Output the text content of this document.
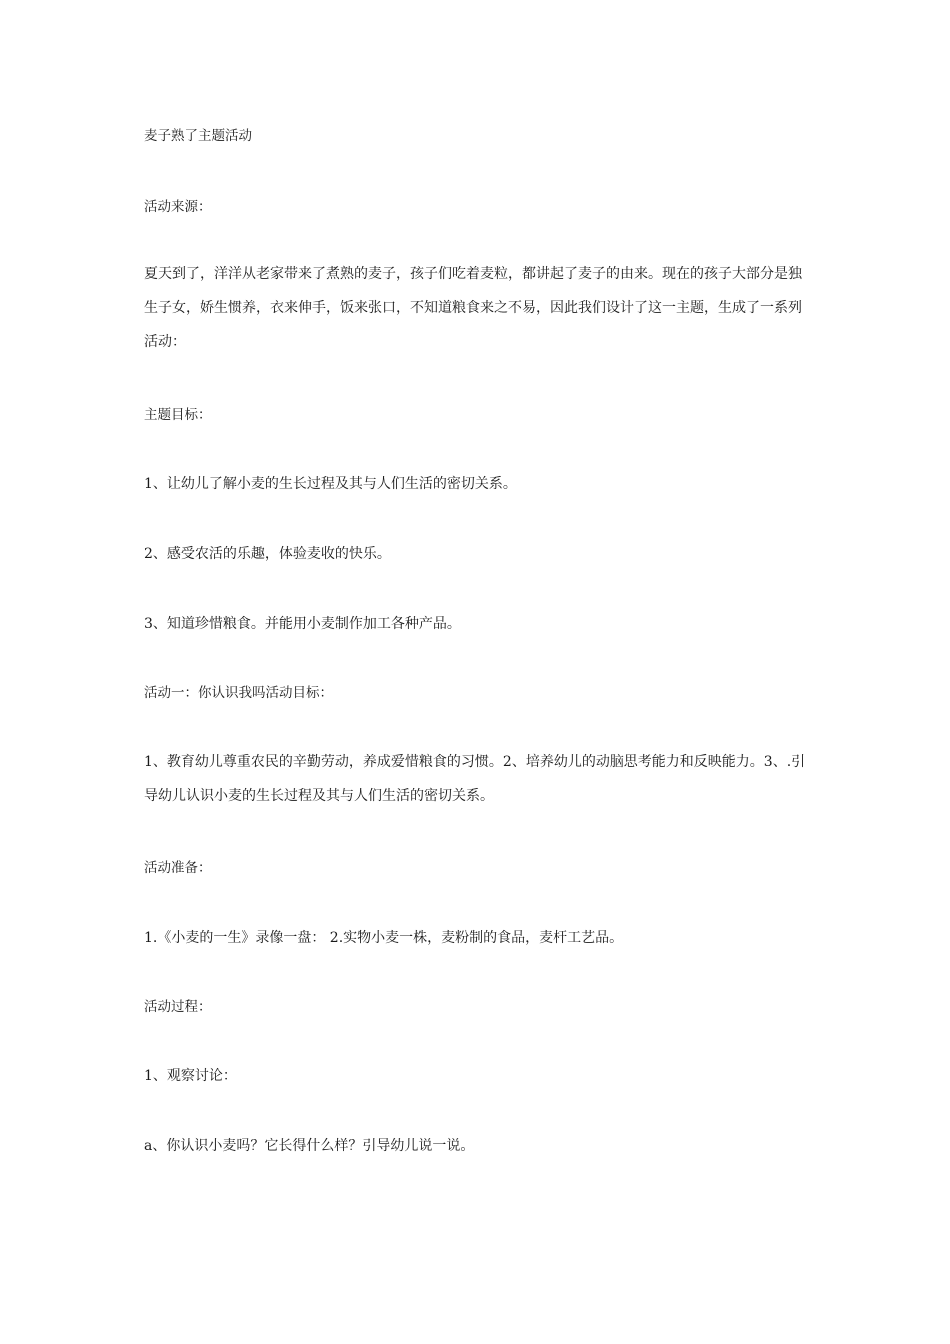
麦子熟了主题活动

活动来源：

夏天到了，洋洋从老家带来了煮熟的麦子，孩子们吃着麦粒，都讲起了麦子的由来。现在的孩子大部分是独生子女，娇生惯养，衣来伸手，饭来张口，不知道粮食来之不易，因此我们设计了这一主题，生成了一系列活动：

主题目标：

1、让幼儿了解小麦的生长过程及其与人们生活的密切关系。

2、感受农活的乐趣，体验麦收的快乐。

3、知道珍惜粮食。并能用小麦制作加工各种产品。

活动一：你认识我吗活动目标：

1、教育幼儿尊重农民的辛勤劳动，养成爱惜粮食的习惯。2、培养幼儿的动脑思考能力和反映能力。3、.引导幼儿认识小麦的生长过程及其与人们生活的密切关系。

活动准备：

1.《小麦的一生》录像一盘： 2.实物小麦一株，麦粉制的食品，麦杆工艺品。

活动过程：

1、观察讨论：

a、你认识小麦吗？它长得什么样？引导幼儿说一说。
